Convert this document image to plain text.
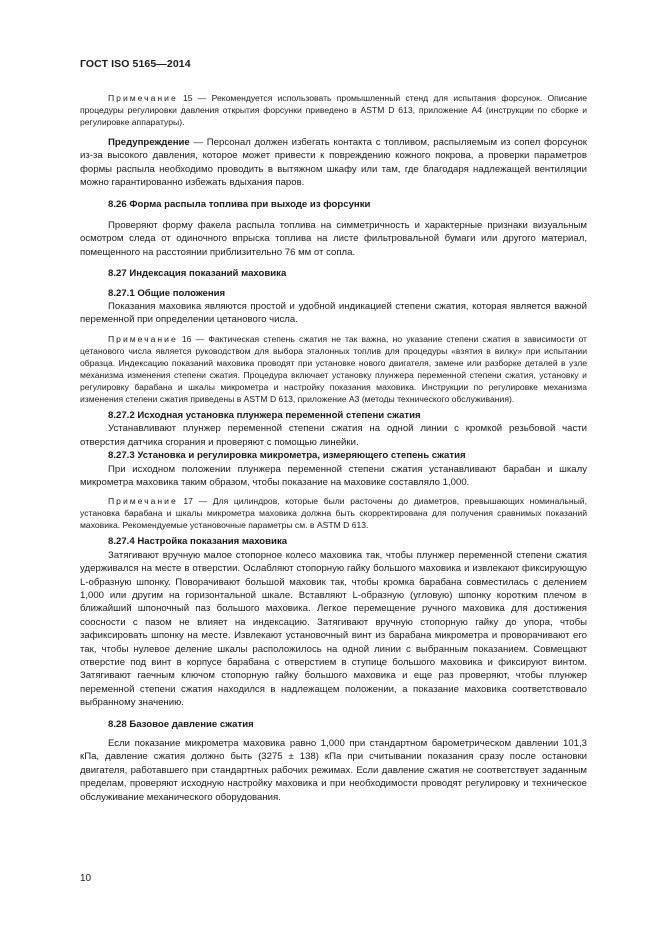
ГОСТ ISO 5165—2014

Примечание 15 — Рекомендуется использовать промышленный стенд для испытания форсунок. Описание процедуры регулировки давления открытия форсунки приведено в ASTM D 613, приложение А4 (инструкции по сборке и регулировке аппаратуры).

Предупреждение — Персонал должен избегать контакта с топливом, распыляемым из сопел форсунок из-за высокого давления, которое может привести к повреждению кожного покрова, а проверки параметров формы распыла необходимо проводить в вытяжном шкафу или там, где благодаря надлежащей вентиляции можно гарантированно избежать вдыхания паров.

8.26 Форма распыла топлива при выходе из форсунки

Проверяют форму факела распыла топлива на симметричность и характерные признаки визуальным осмотром следа от одиночного впрыска топлива на листе фильтровальной бумаги или другого материал, помещенного на расстоянии приблизительно 76 мм от сопла.

8.27 Индексация показаний маховика

8.27.1 Общие положения

Показания маховика являются простой и удобной индикацией степени сжатия, которая является важной переменной при определении цетанового числа.

Примечание 16 — Фактическая степень сжатия не так важна, но указание степени сжатия в зависимости от цетанового числа является руководством для выбора эталонных топлив для процедуры «взятия в вилку» при испытании образца. Индексацию показаний маховика проводят при установке нового двигателя, замене или разборке деталей в узле механизма изменения степени сжатия. Процедура включает установку плунжера переменной степени сжатия, установку и регулировку барабана и шкалы микрометра и настройку показания маховика. Инструкции по регулировке механизма изменения степени сжатия приведены в ASTM D 613, приложение А3 (методы технического обслуживания).

8.27.2 Исходная установка плунжера переменной степени сжатия

Устанавливают плунжер переменной степени сжатия на одной линии с кромкой резьбовой части отверстия датчика сгорания и проверяют с помощью линейки.

8.27.3 Установка и регулировка микрометра, измеряющего степень сжатия

При исходном положении плунжера переменной степени сжатия устанавливают барабан и шкалу микрометра маховика таким образом, чтобы показание на маховике составляло 1,000.

Примечание 17 — Для цилиндров, которые были расточены до диаметров, превышающих номинальный, установка барабана и шкалы микрометра маховика должна быть скорректирована для получения сравнимых показаний маховика. Рекомендуемые установочные параметры см. в ASTM D 613.

8.27.4 Настройка показания маховика

Затягивают вручную малое стопорное колесо маховика так, чтобы плунжер переменной степени сжатия удерживался на месте в отверстии. Ослабляют стопорную гайку большого маховика и извлекают фиксирующую L-образную шпонку. Поворачивают большой маховик так, чтобы кромка барабана совместилась с делением 1,000 или другим на горизонтальной шкале. Вставляют L-образную (угловую) шпонку коротким плечом в ближайший шпоночный паз большого маховика. Легкое перемещение ручного маховика для достижения соосности с пазом не влияет на индексацию. Затягивают вручную стопорную гайку до упора, чтобы зафиксировать шпонку на месте. Извлекают установочный винт из барабана микрометра и проворачивают его так, чтобы нулевое деление шкалы расположилось на одной линии с выбранным показанием. Совмещают отверстие под винт в корпусе барабана с отверстием в ступице большого маховика и фиксируют винтом. Затягивают гаечным ключом стопорную гайку большого маховика и еще раз проверяют, чтобы плунжер переменной степени сжатия находился в надлежащем положении, а показание маховика соответствовало выбранному значению.

8.28 Базовое давление сжатия

Если показание микрометра маховика равно 1,000 при стандартном барометрическом давлении 101,3 кПа, давление сжатия должно быть (3275 ± 138) кПа при считывании показания сразу после остановки двигателя, работавшего при стандартных рабочих режимах. Если давление сжатия не соответствует заданным пределам, проверяют исходную настройку маховика и при необходимости проводят регулировку и техническое обслуживание механического оборудования.

10
